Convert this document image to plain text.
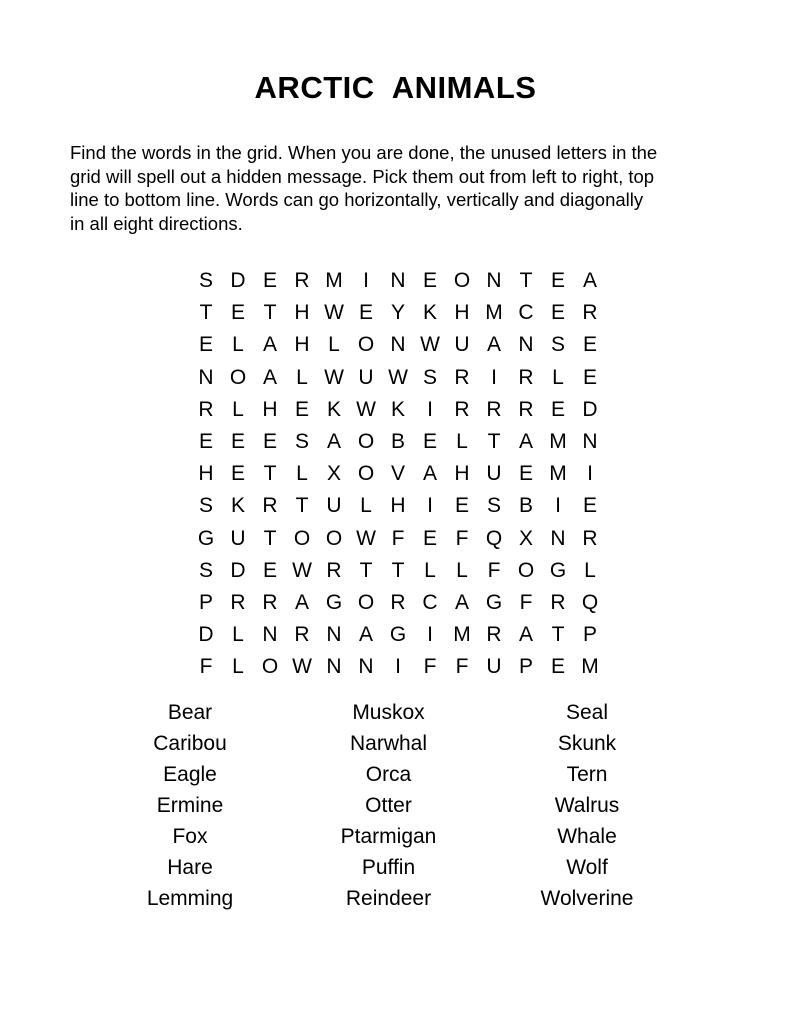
ARCTIC  ANIMALS
Find the words in the grid. When you are done, the unused letters in the
grid will spell out a hidden message. Pick them out from left to right, top
line to bottom line. Words can go horizontally, vertically and diagonally
in all eight directions.
S D E R M I	N E O N T E A
T E T H W E Y K H M C E R
E L A H L O N W U A N S E
N O A L W U W S R	I	R L E
R L H E K W K	I	R R R E D
E E E S A O B E L T A M N
H E T L X O V A H U E M I
S K R T U L H	I	E S B	I	E
G U T O O W F E F Q X N R
S D E W R T T L L F O G L
P R R A G O R C A G F R Q
D L N R N A G I M R A T P
F L O W N N	I	F F U P E M
Bear
Caribou
Eagle
Ermine
Fox
Hare
Lemming
Muskox
Narwhal
Orca
Otter
Ptarmigan
Puffin
Reindeer
Seal
Skunk
Tern
Walrus
Whale
Wolf
Wolverine
